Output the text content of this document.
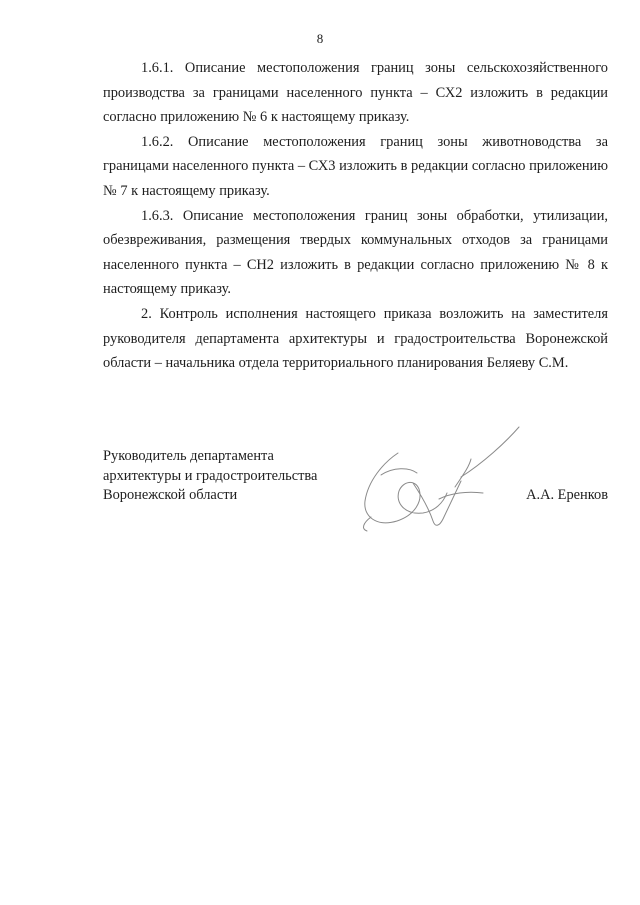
8

1.6.1. Описание местоположения границ зоны сельскохозяйственного производства за границами населенного пункта – СХ2 изложить в редакции согласно приложению № 6 к настоящему приказу.

1.6.2. Описание местоположения границ зоны животноводства за границами населенного пункта – СХ3 изложить в редакции согласно приложению № 7 к настоящему приказу.

1.6.3. Описание местоположения границ зоны обработки, утилизации, обезвреживания, размещения твердых коммунальных отходов за границами населенного пункта – СН2 изложить в редакции согласно приложению № 8 к настоящему приказу.

2. Контроль исполнения настоящего приказа возложить на заместителя руководителя департамента архитектуры и градостроительства Воронежской области – начальника отдела территориального планирования Беляеву С.М.

Руководитель департамента
архитектуры и градостроительства
Воронежской области	А.А. Еренков
